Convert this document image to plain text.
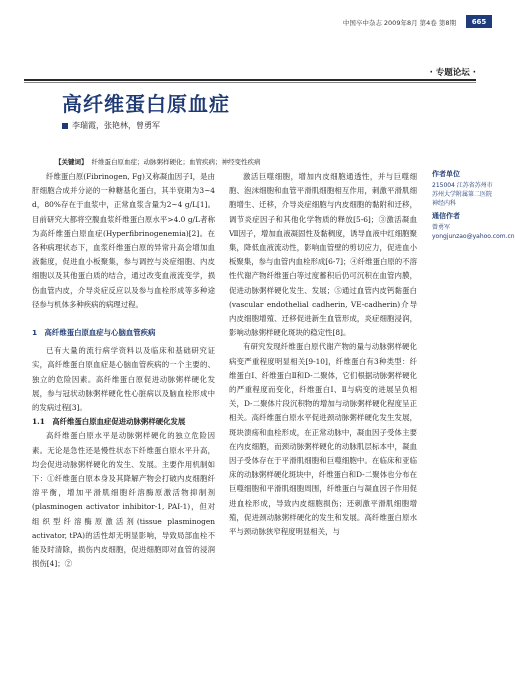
中国卒中杂志 2009年8月 第4卷 第8期	665
· 专题论坛 ·
高纤维蛋白原血症
李瑞霞，张艳林，曾勇军
【关键词】 纤维蛋白原血症；动脉粥样硬化；血管疾病；神经变性疾病

纤维蛋白原(Fibrinogen, Fg)又称凝血因子Ⅰ，是由肝细胞合成并分泌的一种糖基化蛋白，其半衰期为3~4 d，80%存在于血浆中，正常血浆含量为2~4 g/L[1]。目前研究大都将空腹血浆纤维蛋白原水平>4.0 g/L者称为高纤维蛋白原血症(Hyperfibrinogenemia)[2]。在各种病理状态下，血浆纤维蛋白原的异常升高会增加血液黏度，促进血小板聚集，参与调控与炎症细胞、内皮细胞以及其他蛋白质的结合，通过改变血液流变学，损伤血管内皮，介导炎症反应以及参与血栓形成等多种途径参与机体多种疾病的病理过程。

1　高纤维蛋白原血症与心脑血管疾病

已有大量的流行病学资料以及临床和基础研究证实，高纤维蛋白原血症是心脑血管疾病的一个主要的、独立的危险因素。高纤维蛋白原促进动脉粥样硬化发展，参与冠状动脉粥样硬化性心脏病以及脑血栓形成中的发病过程[3]。

1.1　高纤维蛋白原血症促进动脉粥样硬化发展

高纤维蛋白原水平是动脉粥样硬化的独立危险因素。无论是急性还是慢性状态下纤维蛋白原水平升高，均会促进动脉粥样硬化的发生、发展。主要作用机制如下：①纤维蛋白原本身及其降解产物会打破内皮细胞纤溶平衡，增加平滑肌细胞纤溶酶原激活物抑制剂(plasminogen activator inhibitor-1, PAI-1)，但对组织型纤溶酶原激活剂(tissue plasminogen activator, tPA)的活性却无明显影响，导致局部血栓不能及时清除，损伤内皮细胞，促进细胞即对血管的浸润损伤[4]；②

激活巨噬细胞，增加内皮细胞通透性，并与巨噬细胞、泡沫细胞和血管平滑肌细胞相互作用，刺激平滑肌细胞增生、迁移，介导炎症细胞与内皮细胞的黏附和迁移，调节炎症因子和其他化学物质的释放[5-6]；③激活凝血Ⅶ因子，增加血液凝固性及黏稠度，诱导血液中红细胞聚集，降低血液流动性，影响血管壁的剪切应力，促进血小板聚集，参与血管内血栓形成[6-7]；④纤维蛋白原的不溶性代谢产物纤维蛋白等过度蓄积后仍可沉积在血管内膜，促进动脉粥样硬化发生、发展；⑤通过血管内皮钙黏蛋白(vascular endothelial cadherin, VE-cadherin)介导内皮细胞增殖、迁移促进新生血管形成，炎症细胞浸润，影响动脉粥样硬化斑块的稳定性[8]。

有研究发现纤维蛋白原代谢产物的量与动脉粥样硬化病变严重程度明显相关[9-10]，纤维蛋白有3种类型：纤维蛋白Ⅰ、纤维蛋白Ⅱ和D-二聚体，它们根据动脉粥样硬化的严重程度而变化，纤维蛋白Ⅰ、Ⅱ与病变的进展呈负相关，D-二聚体片段沉积物的增加与动脉粥样硬化程度呈正相关。高纤维蛋白原水平促进颈动脉粥样硬化发生发展，斑块溃疡和血栓形成，在正常动脉中，凝血因子受体主要在内皮细胞，而颈动脉粥样硬化的动脉肌层标本中，凝血因子受体存在于平滑肌细胞和巨噬细胞中。在临床和亚临床的动脉粥样硬化斑块中，纤维蛋白和D-二聚体也分布在巨噬细胞和平滑肌细胞周围，纤维蛋白与凝血因子作用促进血栓形成，导致内皮细胞损伤；还刺激平滑肌细胞增殖，促进颈动脉粥样硬化的发生和发展。高纤维蛋白原水平与颈动脉狭窄程度明显相关，与

作者单位
215004 江苏省苏州市
苏州大学附属第二医院
神经内科
通信作者
曾勇军
yongjunzao@yahoo.com.cn
